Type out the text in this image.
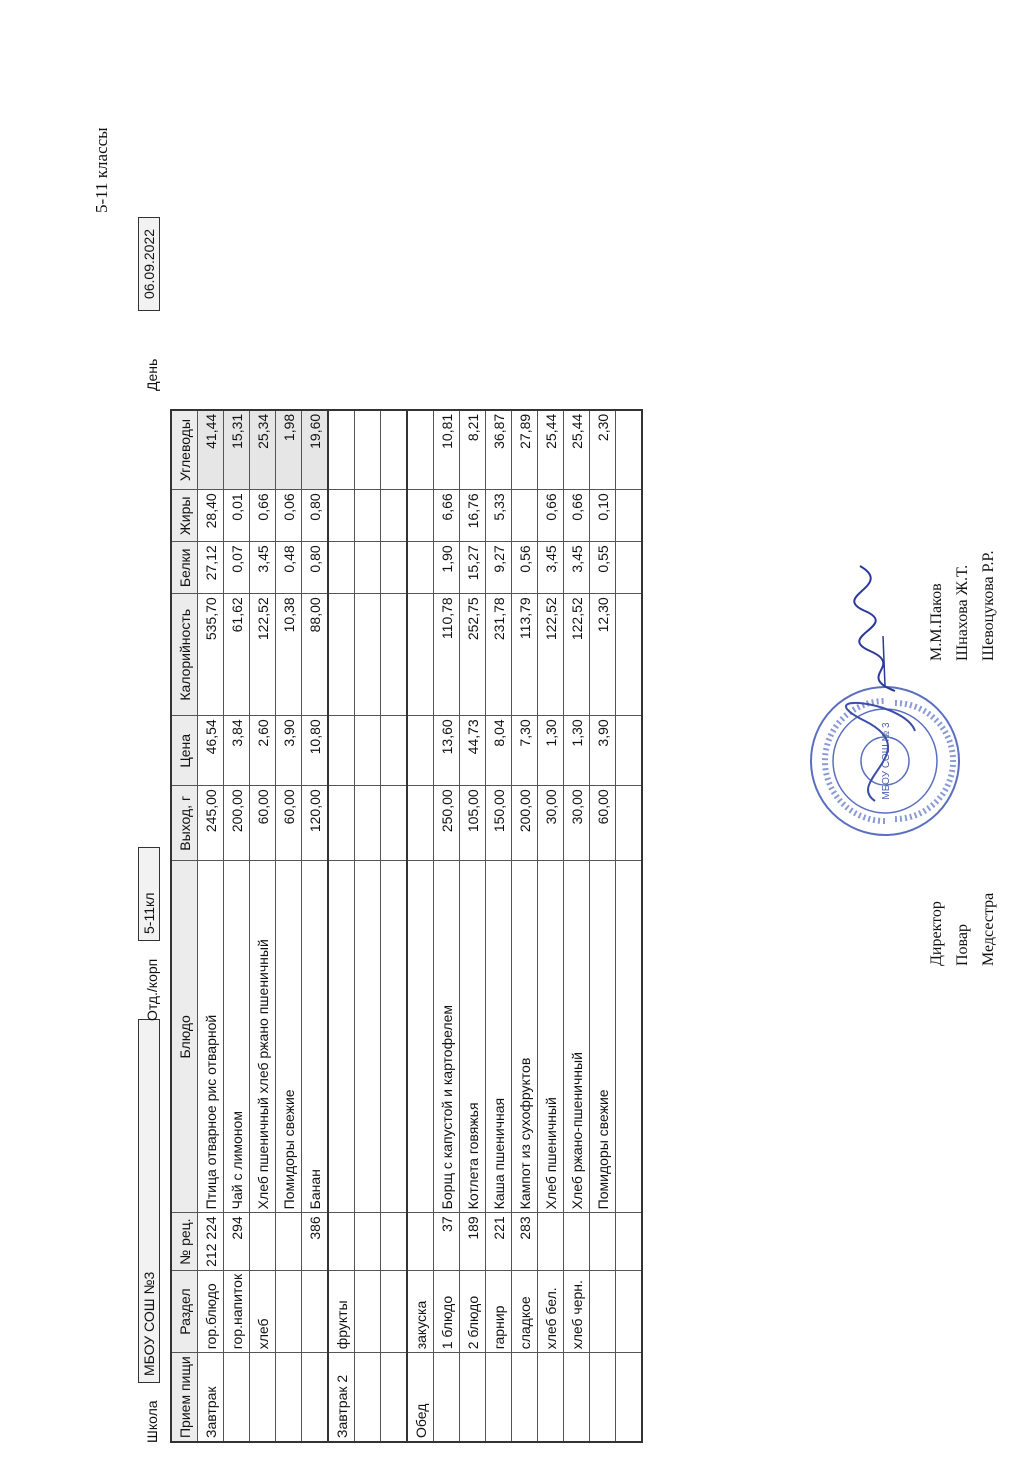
5-11 классы
Школа
МБОУ СОШ №3
Отд./корп
5-11кл
День
06.09.2022
Прием пищи	Раздел	№ рец.	Блюдо	Выход, г	Цена	Калорийность	Белки	Жиры	Углеводы
Завтрак	гор.блюдо	212 224	Птица отварное рис отварной	245,00	46,54	535,70	27,12	28,40	41,44
	гор.напиток	294	Чай с лимоном	200,00	3,84	61,62	0,07	0,01	15,31
	хлеб		Хлеб пшеничный хлеб ржано пшеничный	60,00	2,60	122,52	3,45	0,66	25,34
			Помидоры свежие	60,00	3,90	10,38	0,48	0,06	1,98
		386	Банан	120,00	10,80	88,00	0,80	0,80	19,60
Завтрак 2	фрукты								

Обед	закуска								
	1 блюдо	37	Борщ с капустой и картофелем	250,00	13,60	110,78	1,90	6,66	10,81
	2 блюдо	189	Котлета говяжья	105,00	44,73	252,75	15,27	16,76	8,21
	гарнир	221	Каша пшеничная	150,00	8,04	231,78	9,27	5,33	36,87
	сладкое	283	Кампот из сухофруктов	200,00	7,30	113,79	0,56		27,89
	хлеб бел.		Хлеб пшеничный	30,00	1,30	122,52	3,45	0,66	25,44
	хлеб черн.		Хлеб ржано-пшеничный	30,00	1,30	122,52	3,45	0,66	25,44
			Помидоры свежие	60,00	3,90	12,30	0,55	0,10	2,30

МБОУ СОШ № 3
Директор Повар Медсестра
М.М.Паков Шнахова Ж.Т. Шевоцукова Р.Р.
